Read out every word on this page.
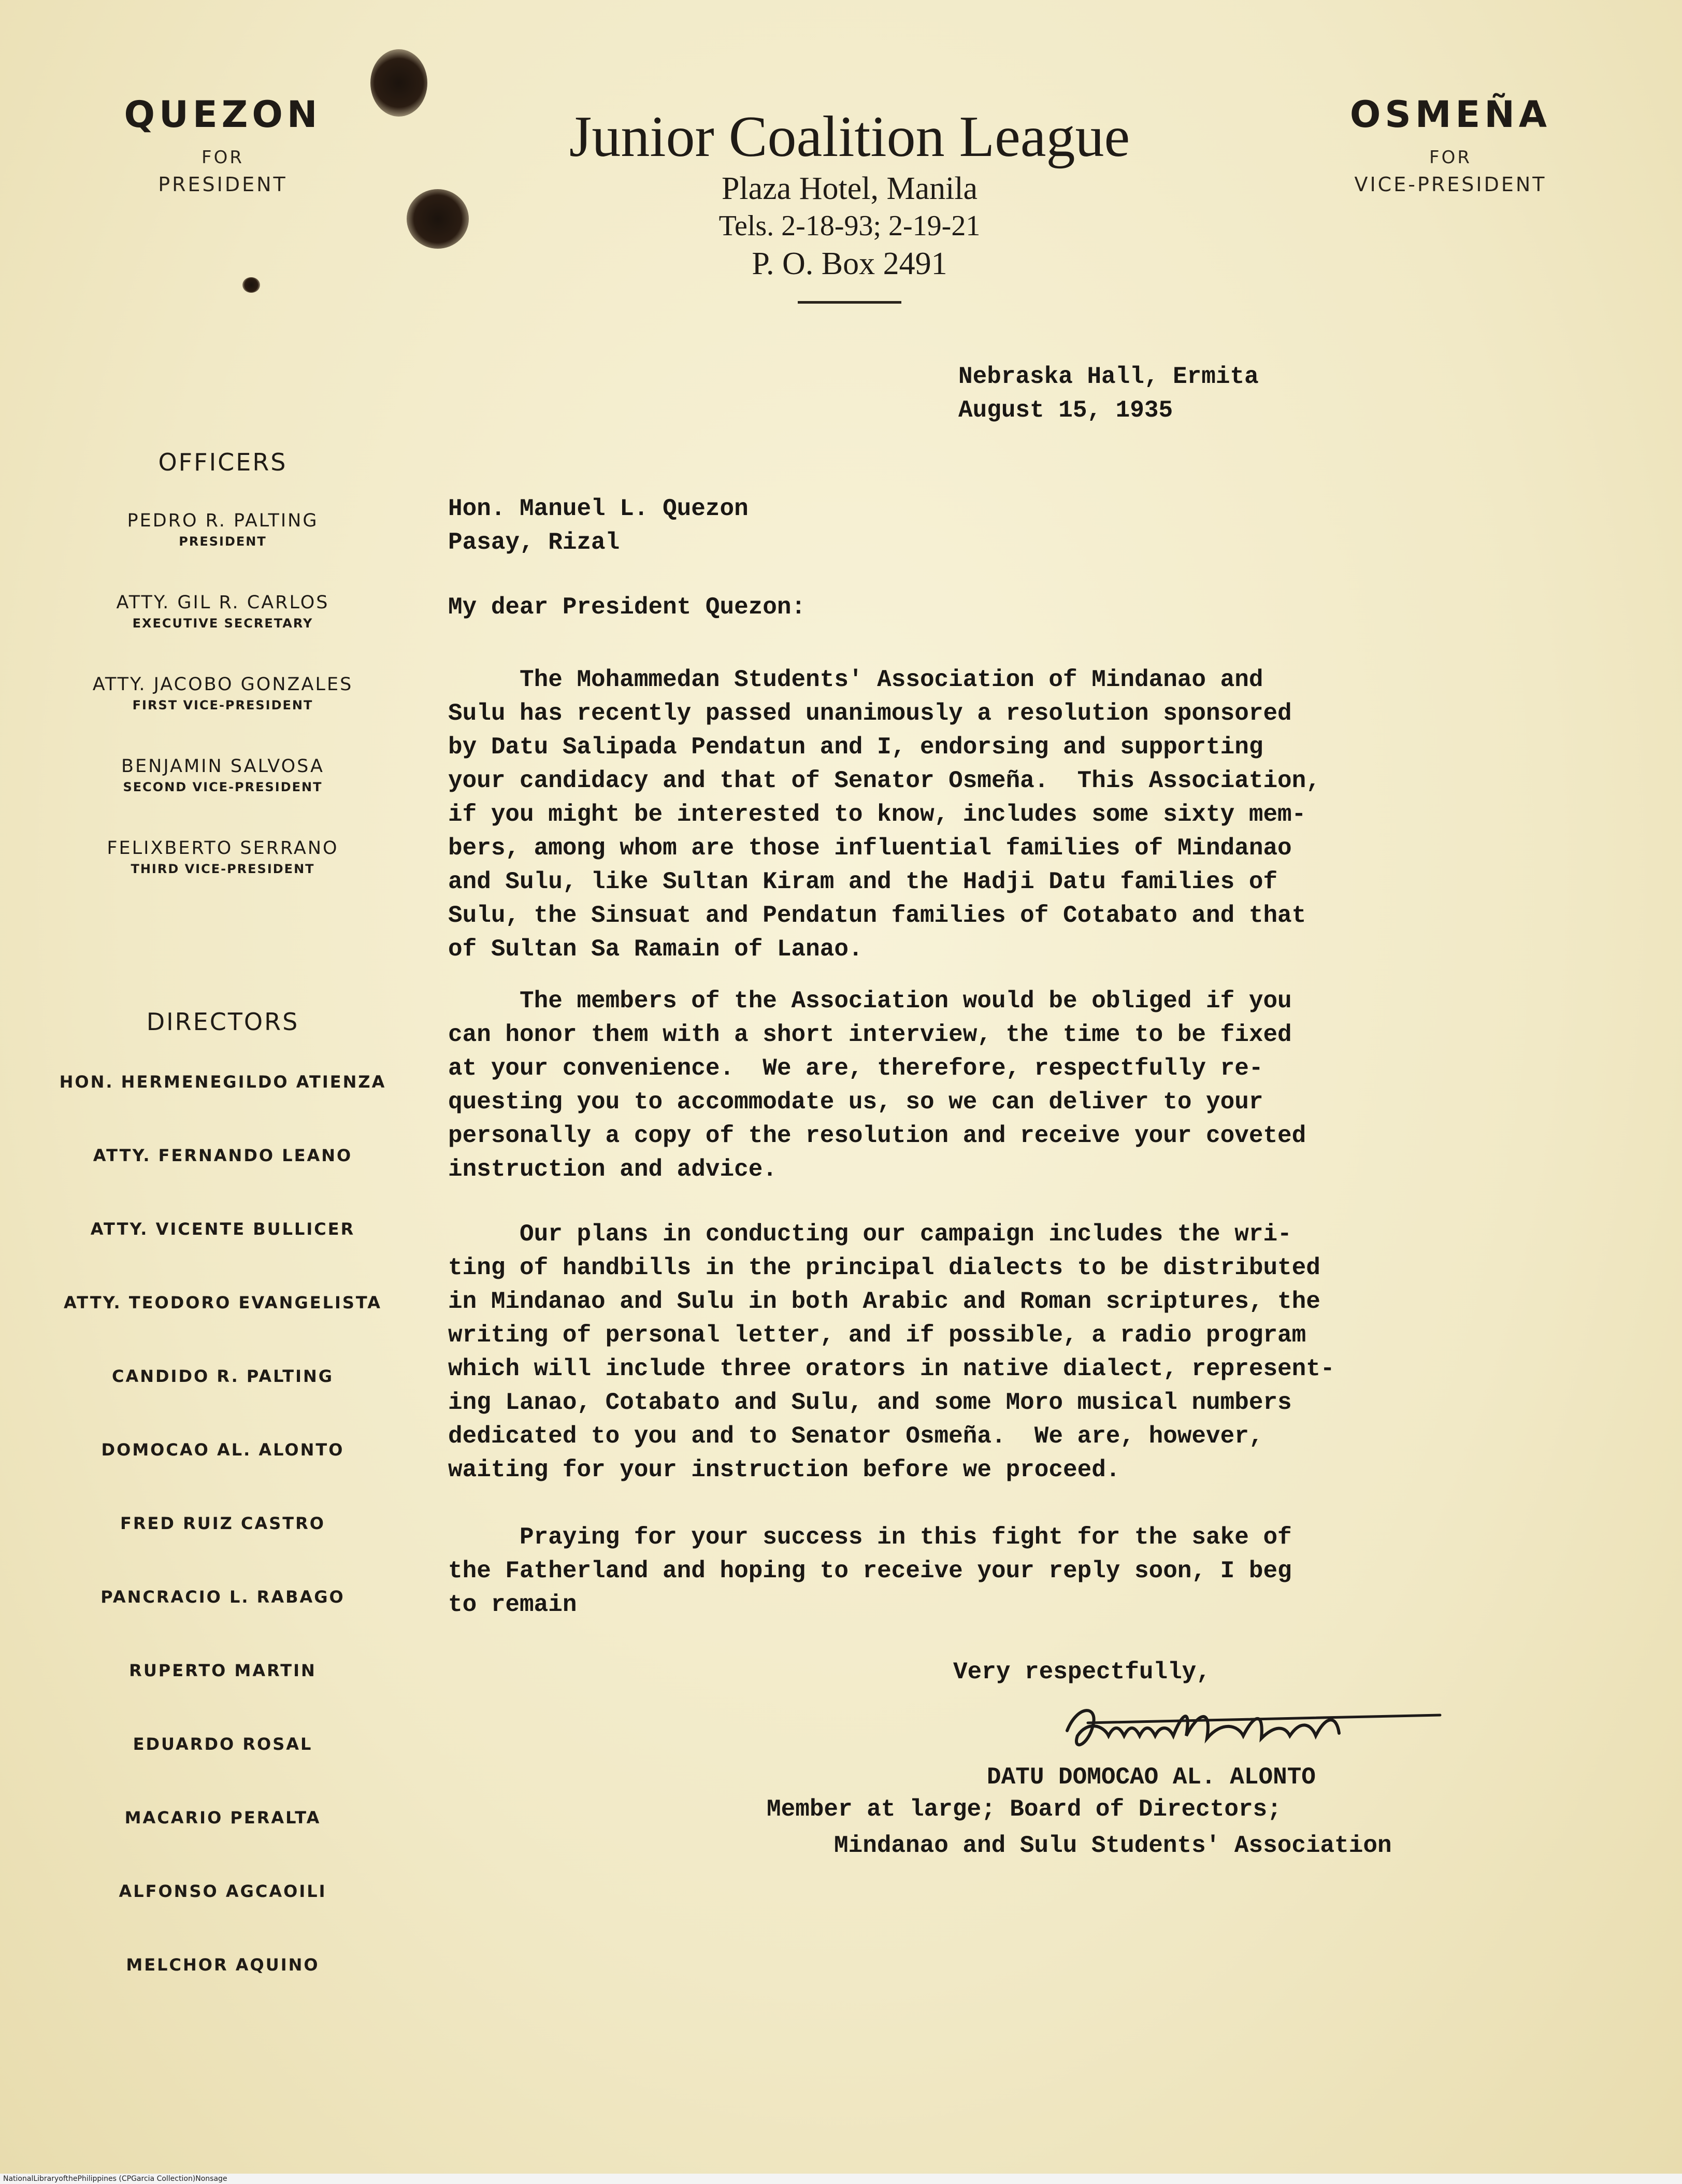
QUEZON
FOR
PRESIDENT
OSMEÑA
FOR
VICE-PRESIDENT
Junior Coalition League
Plaza Hotel, Manila
Tels. 2-18-93; 2-19-21
P. O. Box 2491
OFFICERS
PEDRO R. PALTING
PRESIDENT
ATTY. GIL R. CARLOS
EXECUTIVE SECRETARY
ATTY. JACOBO GONZALES
FIRST VICE-PRESIDENT
BENJAMIN SALVOSA
SECOND VICE-PRESIDENT
FELIXBERTO SERRANO
THIRD VICE-PRESIDENT
DIRECTORS
HON. HERMENEGILDO ATIENZA
ATTY. FERNANDO LEANO
ATTY. VICENTE BULLICER
ATTY. TEODORO EVANGELISTA
CANDIDO R. PALTING
DOMOCAO AL. ALONTO
FRED RUIZ CASTRO
PANCRACIO L. RABAGO
RUPERTO MARTIN
EDUARDO ROSAL
MACARIO PERALTA
ALFONSO AGCAOILI
MELCHOR AQUINO
Nebraska Hall, Ermita
August 15, 1935
Hon. Manuel L. Quezon
Pasay, Rizal
My dear President Quezon:
The Mohammedan Students' Association of Mindanao and
Sulu has recently passed unanimously a resolution sponsored
by Datu Salipada Pendatun and I, endorsing and supporting
your candidacy and that of Senator Osmeña.  This Association,
if you might be interested to know, includes some sixty mem-
bers, among whom are those influential families of Mindanao
and Sulu, like Sultan Kiram and the Hadji Datu families of
Sulu, the Sinsuat and Pendatun families of Cotabato and that
of Sultan Sa Ramain of Lanao.
The members of the Association would be obliged if you
can honor them with a short interview, the time to be fixed
at your convenience.  We are, therefore, respectfully re-
questing you to accommodate us, so we can deliver to your
personally a copy of the resolution and receive your coveted
instruction and advice.
Our plans in conducting our campaign includes the wri-
ting of handbills in the principal dialects to be distributed
in Mindanao and Sulu in both Arabic and Roman scriptures, the
writing of personal letter, and if possible, a radio program
which will include three orators in native dialect, represent-
ing Lanao, Cotabato and Sulu, and some Moro musical numbers
dedicated to you and to Senator Osmeña.  We are, however,
waiting for your instruction before we proceed.
Praying for your success in this fight for the sake of
the Fatherland and hoping to receive your reply soon, I beg
to remain
Very respectfully,
DATU DOMOCAO AL. ALONTO
Member at large; Board of Directors;
Mindanao and Sulu Students' Association
NationalLibraryofthePhilippines (CPGarcia Collection)Nonsage
